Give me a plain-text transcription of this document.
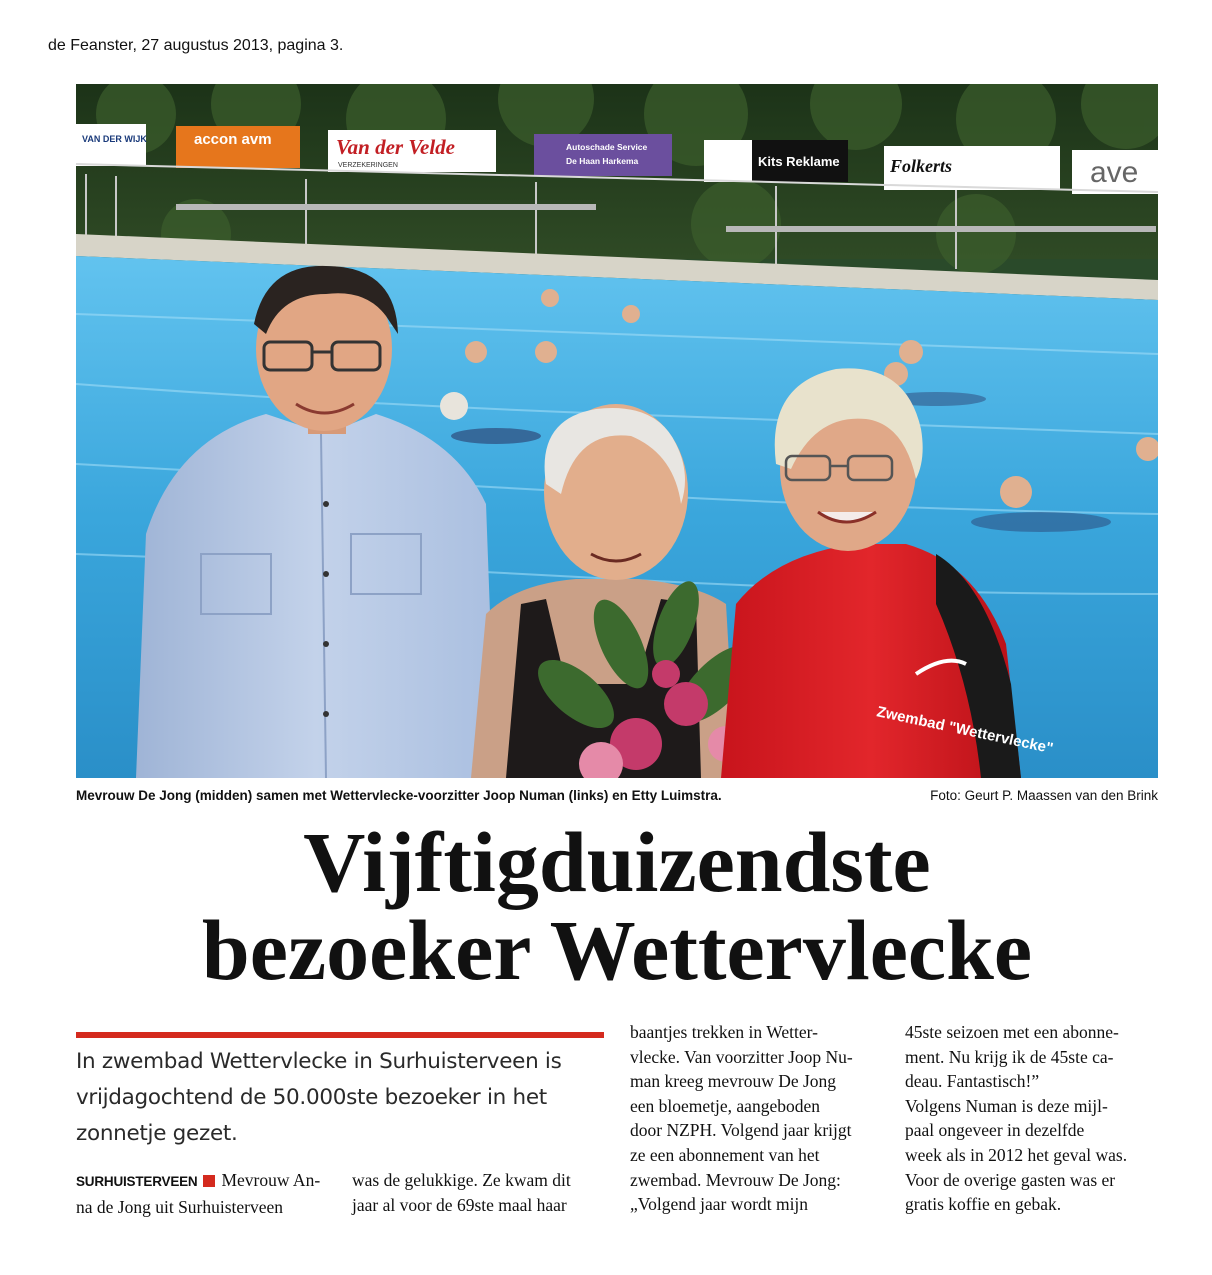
de Feanster, 27 augustus 2013, pagina 3.
VAN DER WIJK	accon avm	Van der Velde
VERZEKERINGEN
Autoschade Service
De Haan Harkema	Kits Reklame	Folkerts	ave
Zwembad "Wettervlecke"
Mevrouw De Jong (midden) samen met Wettervlecke-voorzitter Joop Numan (links) en Etty Luimstra.	Foto: Geurt P. Maassen van den Brink
Vijftigduizendste
bezoeker Wettervlecke
In zwembad Wettervlecke in Surhuisterveen is
vrijdagochtend de 50.000ste bezoeker in het
zonnetje gezet.
SURHUISTERVEEN Mevrouw An-
na de Jong uit Surhuisterveen
was de gelukkige. Ze kwam dit
jaar al voor de 69ste maal haar
baantjes trekken in Wetter-
vlecke. Van voorzitter Joop Nu-
man kreeg mevrouw De Jong
een bloemetje, aangeboden
door NZPH. Volgend jaar krijgt
ze een abonnement van het
zwembad. Mevrouw De Jong:
„Volgend jaar wordt mijn
45ste seizoen met een abonne-
ment. Nu krijg ik de 45ste ca-
deau. Fantastisch!”
Volgens Numan is deze mijl-
paal ongeveer in dezelfde
week als in 2012 het geval was.
Voor de overige gasten was er
gratis koffie en gebak.
